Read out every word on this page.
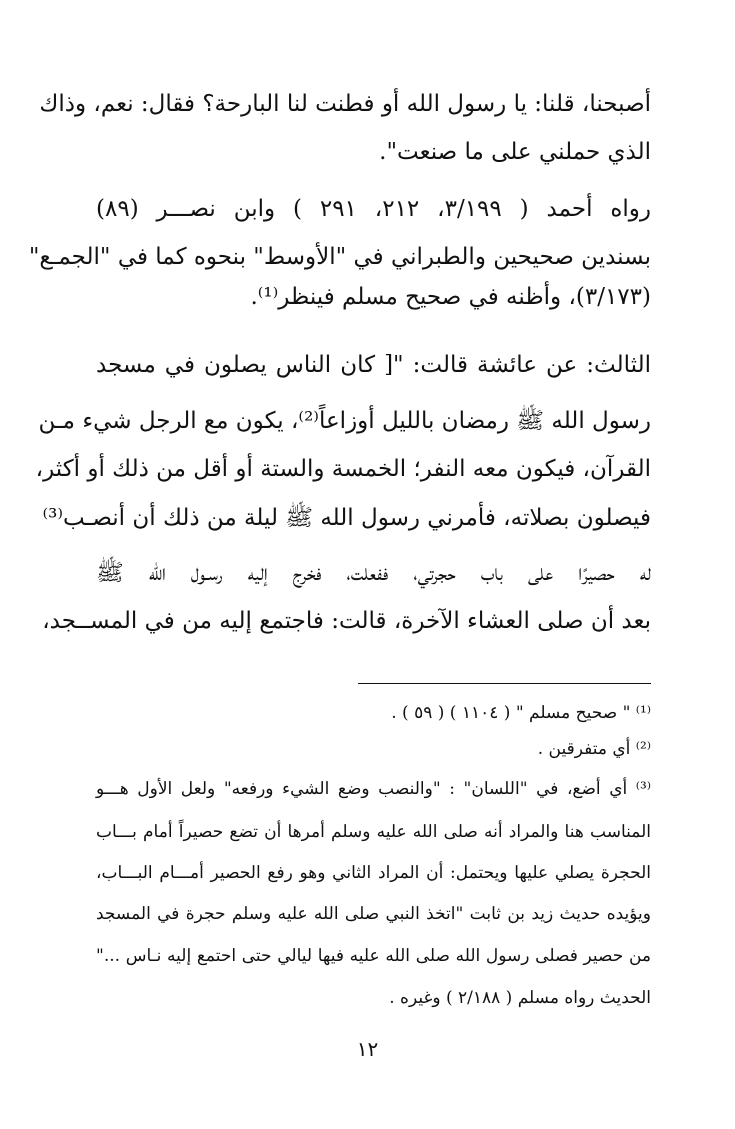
أصبحنا، قلنا: يا رسول الله أو فطنت لنا البارحة؟ فقال: نعم، وذاك
الذي حملني على ما صنعت".
رواه أحمد ( ٣/١٩٩، ٢١٢، ٢٩١ ) وابن نصـــر (٨٩)
بسندين صحيحين والطبراني في "الأوسط" بنحوه كما في "الجمـع"
(٣/١٧٣)، وأظنه في صحيح مسلم فينظر⁽¹⁾.
الثالث: عن عائشة قالت: "[ كان الناس يصلون في مسجد
رسول الله ﷺ رمضان بالليل أوزاعاً⁽²⁾، يكون مع الرجل شيء مـن
القرآن، فيكون معه النفر؛ الخمسة والستة أو أقل من ذلك أو أكثر،
فيصلون بصلاته، فأمرني رسول الله ﷺ ليلة من ذلك أن أنصـب⁽³⁾
له حصيرًا على باب حجرتي، ففعلت، فخرج إليه رسـول الله ﷺ
بعد أن صلى العشاء الآخرة، قالت: فاجتمع إليه من في المســجد،
⁽¹⁾ " صحيح مسلم " ( ١١٠٤ ) ( ٥٩ ) .
⁽²⁾ أي متفرقين .
⁽³⁾ أي أضع، في "اللسان" : "والنصب وضع الشيء ورفعه" ولعل الأول هـــو
المناسب هنا والمراد أنه صلى الله عليه وسلم أمرها أن تضع حصيراً أمام بـــاب
الحجرة يصلي عليها ويحتمل: أن المراد الثاني وهو رفع الحصير أمـــام البـــاب،
ويؤيده حديث زيد بن ثابت "اتخذ النبي صلى الله عليه وسلم حجرة في المسجد
من حصير فصلى رسول الله صلى الله عليه فيها ليالي حتى احتمع إليه نـاس ..."
الحديث رواه مسلم ( ٢/١٨٨ ) وغيره .
١٢
